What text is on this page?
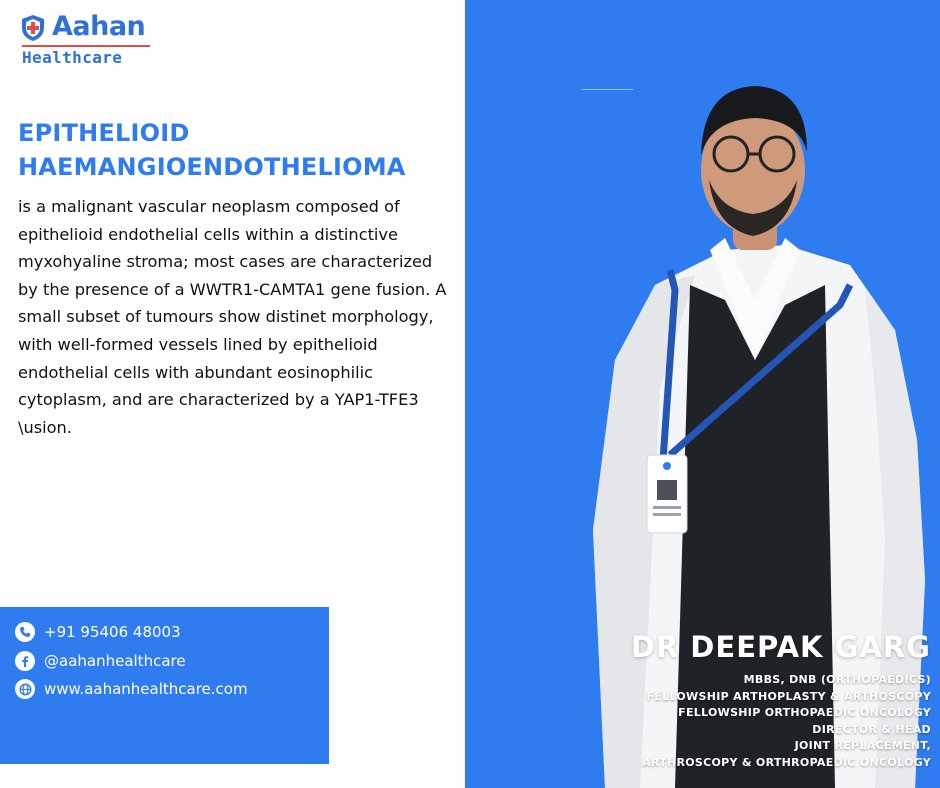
Aahan
Healthcare
EPITHELIOID
HAEMANGIOENDOTHELIOMA
is a malignant vascular neoplasm composed of epithelioid endothelial cells within a distinctive myxohyaline stroma; most cases are characterized by the presence of a WWTR1-CAMTA1 gene fusion. A small subset of tumours show distinet morphology, with well-formed vessels lined by epithelioid endothelial cells with abundant eosinophilic cytoplasm, and are characterized by a YAP1-TFE3 \usion.
+91 95406 48003
@aahanhealthcare
www.aahanhealthcare.com
DR DEEPAK GARG
MBBS, DNB (ORTHOPAEDICS)
FELLOWSHIP ARTHOPLASTY & ARTHOSCOPY
FELLOWSHIP ORTHOPAEDIC ONCOLOGY
DIRECTOR & HEAD
JOINT REPLACEMENT,
ARTHROSCOPY & ORTHROPAEDIC ONCOLOGY
